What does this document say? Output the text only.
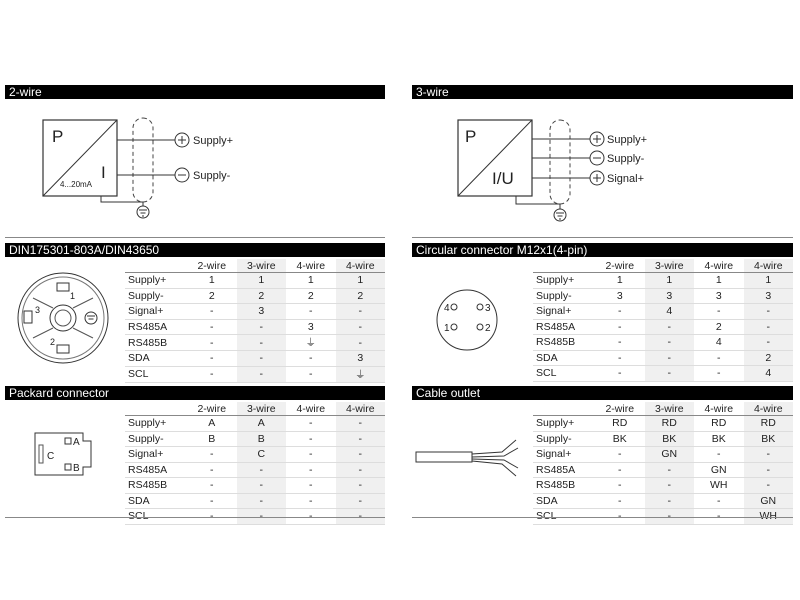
2-wire
P
I
4...20mA
Supply+
Supply-
3-wire
P
I/U
Supply+
Supply-
Signal+
DIN175301-803A/DIN43650
1
2
3
	2-wire	3-wire	4-wire	4-wire
Supply+	1	1	1	1
Supply-	2	2	2	2
Signal+	-	3	-	-
RS485A	-	-	3	-
RS485B	-	-	⏚	-
SDA	-	-	-	3
SCL	-	-	-	⏚
Circular connector M12x1(4-pin)
4	3
1	2
	2-wire	3-wire	4-wire	4-wire
Supply+	1	1	1	1
Supply-	3	3	3	3
Signal+	-	4	-	-
RS485A	-	-	2	-
RS485B	-	-	4	-
SDA	-	-	-	2
SCL	-	-	-	4
Packard connector
A
C
B
	2-wire	3-wire	4-wire	4-wire
Supply+	A	A	-	-
Supply-	B	B	-	-
Signal+	-	C	-	-
RS485A	-	-	-	-
RS485B	-	-	-	-
SDA	-	-	-	-
SCL	-	-	-	-
Cable outlet
	2-wire	3-wire	4-wire	4-wire
Supply+	RD	RD	RD	RD
Supply-	BK	BK	BK	BK
Signal+	-	GN	-	-
RS485A	-	-	GN	-
RS485B	-	-	WH	-
SDA	-	-	-	GN
SCL	-	-	-	WH
